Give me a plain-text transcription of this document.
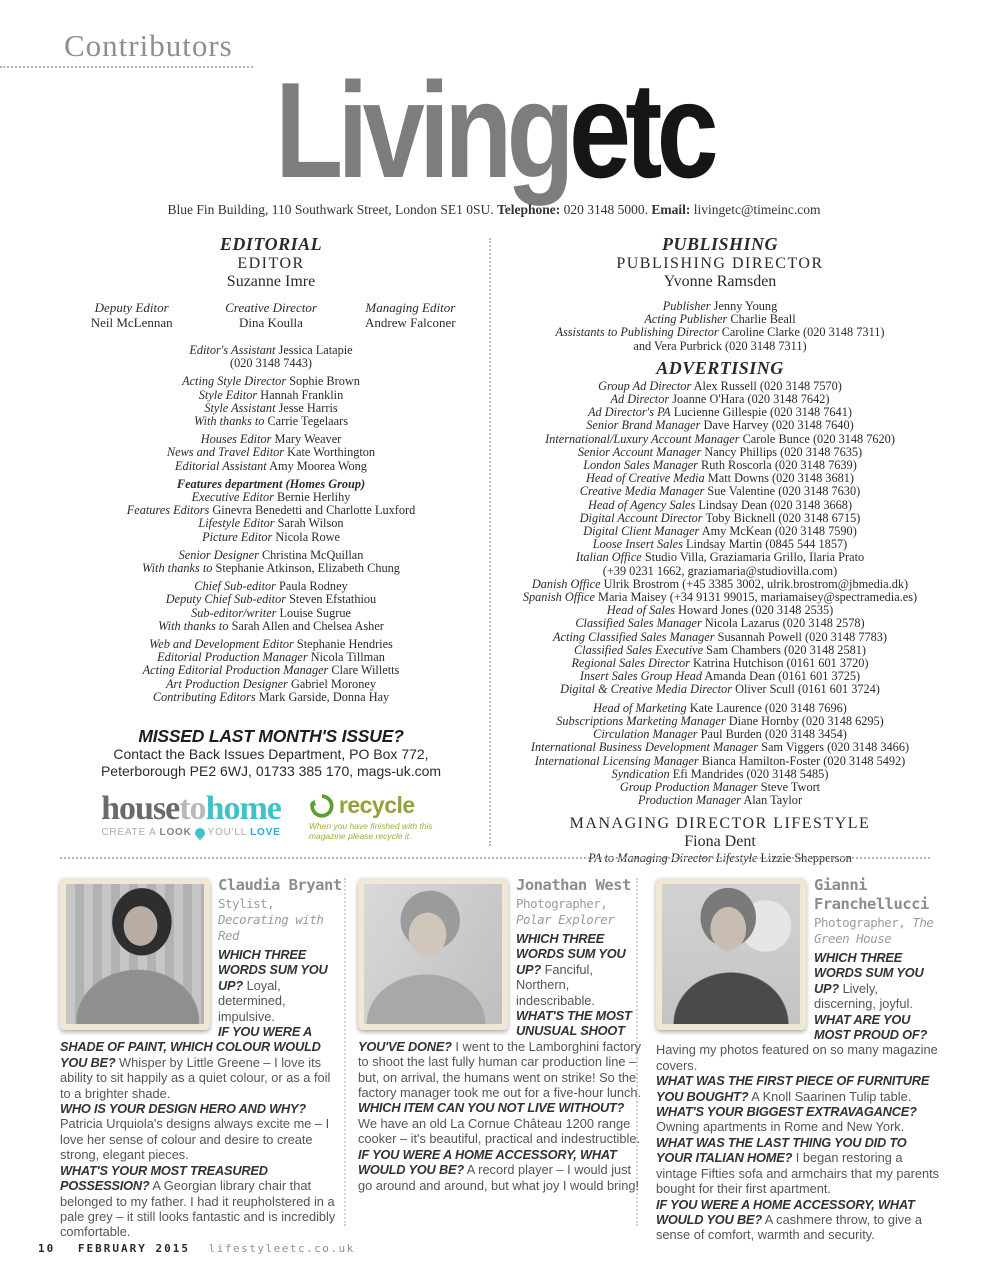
Contributors
Livingetc
Blue Fin Building, 110 Southwark Street, London SE1 0SU. Telephone: 020 3148 5000. Email: livingetc@timeinc.com
EDITORIAL
EDITOR
Suzanne Imre
Deputy Editor
Neil McLennan
Creative Director
Dina Koulla
Managing Editor
Andrew Falconer
Editor's Assistant Jessica Latapie
(020 3148 7443)
Acting Style Director Sophie Brown
Style Editor Hannah Franklin
Style Assistant Jesse Harris
With thanks to Carrie Tegelaars
Houses Editor Mary Weaver
News and Travel Editor Kate Worthington
Editorial Assistant Amy Moorea Wong
Features department (Homes Group)
Executive Editor Bernie Herlihy
Features Editors Ginevra Benedetti and Charlotte Luxford
Lifestyle Editor Sarah Wilson
Picture Editor Nicola Rowe
Senior Designer Christina McQuillan
With thanks to Stephanie Atkinson, Elizabeth Chung
Chief Sub-editor Paula Rodney
Deputy Chief Sub-editor Steven Efstathiou
Sub-editor/writer Louise Sugrue
With thanks to Sarah Allen and Chelsea Asher
Web and Development Editor Stephanie Hendries
Editorial Production Manager Nicola Tillman
Acting Editorial Production Manager Clare Willetts
Art Production Designer Gabriel Moroney
Contributing Editors Mark Garside, Donna Hay
MISSED LAST MONTH'S ISSUE?
Contact the Back Issues Department, PO Box 772,
Peterborough PE2 6WJ, 01733 385 170, mags-uk.com
housetohome
CREATE A LOOK YOU'LL LOVE
recycle
When you have finished with this magazine please recycle it.
PUBLISHING
PUBLISHING DIRECTOR
Yvonne Ramsden
Publisher Jenny Young
Acting Publisher Charlie Beall
Assistants to Publishing Director Caroline Clarke (020 3148 7311)
and Vera Purbrick (020 3148 7311)
ADVERTISING
Group Ad Director Alex Russell (020 3148 7570)
Ad Director Joanne O'Hara (020 3148 7642)
Ad Director's PA Lucienne Gillespie (020 3148 7641)
Senior Brand Manager Dave Harvey (020 3148 7640)
International/Luxury Account Manager Carole Bunce (020 3148 7620)
Senior Account Manager Nancy Phillips (020 3148 7635)
London Sales Manager Ruth Roscorla (020 3148 7639)
Head of Creative Media Matt Downs (020 3148 3681)
Creative Media Manager Sue Valentine (020 3148 7630)
Head of Agency Sales Lindsay Dean (020 3148 3668)
Digital Account Director Toby Bicknell (020 3148 6715)
Digital Client Manager Amy McKean (020 3148 7590)
Loose Insert Sales Lindsay Martin (0845 544 1857)
Italian Office Studio Villa, Graziamaria Grillo, Ilaria Prato
(+39 0231 1662, graziamaria@studiovilla.com)
Danish Office Ulrik Brostrom (+45 3385 3002, ulrik.brostrom@jbmedia.dk)
Spanish Office Maria Maisey (+34 9131 99015, mariamaisey@spectramedia.es)
Head of Sales Howard Jones (020 3148 2535)
Classified Sales Manager Nicola Lazarus (020 3148 2578)
Acting Classified Sales Manager Susannah Powell (020 3148 7783)
Classified Sales Executive Sam Chambers (020 3148 2581)
Regional Sales Director Katrina Hutchison (0161 601 3720)
Insert Sales Group Head Amanda Dean (0161 601 3725)
Digital & Creative Media Director Oliver Scull (0161 601 3724)
Head of Marketing Kate Laurence (020 3148 7696)
Subscriptions Marketing Manager Diane Hornby (020 3148 6295)
Circulation Manager Paul Burden (020 3148 3454)
International Business Development Manager Sam Viggers (020 3148 3466)
International Licensing Manager Bianca Hamilton-Foster (020 3148 5492)
Syndication Efi Mandrides (020 3148 5485)
Group Production Manager Steve Twort
Production Manager Alan Taylor
MANAGING DIRECTOR LIFESTYLE
Fiona Dent
PA to Managing Director Lifestyle Lizzie Shepperson
Claudia Bryant
Stylist, Decorating with Red

WHICH THREE WORDS SUM YOU UP? Loyal, determined, impulsive.

IF YOU WERE A SHADE OF PAINT, WHICH COLOUR WOULD YOU BE? Whisper by Little Greene – I love its ability to sit happily as a quiet colour, or as a foil to a brighter shade.

WHO IS YOUR DESIGN HERO AND WHY? Patricia Urquiola's designs always excite me – I love her sense of colour and desire to create strong, elegant pieces.

WHAT'S YOUR MOST TREASURED POSSESSION? A Georgian library chair that belonged to my father. I had it reupholstered in a pale grey – it still looks fantastic and is incredibly comfortable.

Jonathan West
Photographer, Polar Explorer

WHICH THREE WORDS SUM YOU UP? Fanciful, Northern, indescribable.

WHAT'S THE MOST UNUSUAL SHOOT YOU'VE DONE? I went to the Lamborghini factory to shoot the last fully human car production line – but, on arrival, the humans went on strike! So the factory manager took me out for a five-hour lunch.

WHICH ITEM CAN YOU NOT LIVE WITHOUT? We have an old La Cornue Château 1200 range cooker – it's beautiful, practical and indestructible.

IF YOU WERE A HOME ACCESSORY, WHAT WOULD YOU BE? A record player – I would just go around and around, but what joy I would bring!

Gianni Franchellucci
Photographer, The Green House

WHICH THREE WORDS SUM YOU UP? Lively, discerning, joyful.

WHAT ARE YOU MOST PROUD OF? Having my photos featured on so many magazine covers.

WHAT WAS THE FIRST PIECE OF FURNITURE YOU BOUGHT? A Knoll Saarinen Tulip table.

WHAT'S YOUR BIGGEST EXTRAVAGANCE? Owning apartments in Rome and New York.

WHAT WAS THE LAST THING YOU DID TO YOUR ITALIAN HOME? I began restoring a vintage Fifties sofa and armchairs that my parents bought for their first apartment.

IF YOU WERE A HOME ACCESSORY, WHAT WOULD YOU BE? A cashmere throw, to give a sense of comfort, warmth and security.

10 FEBRUARY 2015 lifestyleetc.co.uk
